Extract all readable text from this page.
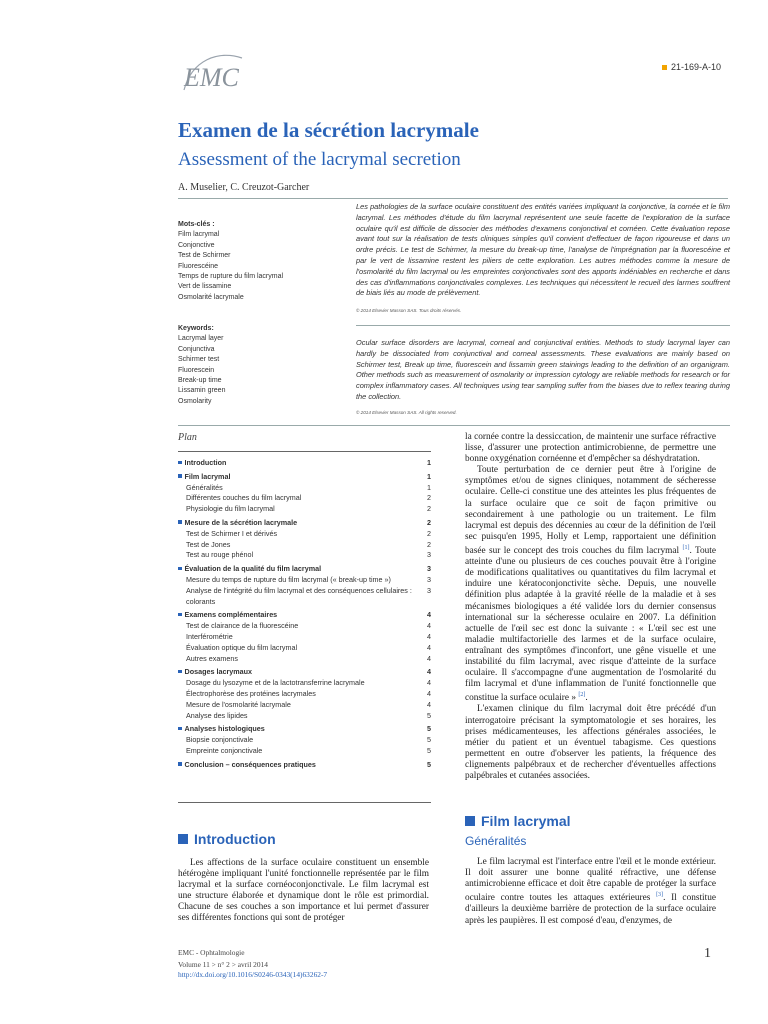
EMC	21-169-A-10
Examen de la sécrétion lacrymale
Assessment of the lacrymal secretion
A. Muselier, C. Creuzot-Garcher
Mots-clés :
Film lacrymal
Conjonctive
Test de Schirmer
Fluorescéine
Temps de rupture du film lacrymal
Vert de lissamine
Osmolarité lacrymale
Keywords:
Lacrymal layer
Conjunctiva
Schirmer test
Fluorescein
Break-up time
Lissamin green
Osmolarity
Les pathologies de la surface oculaire constituent des entités variées impliquant la conjonctive, la cornée et le film lacrymal. Les méthodes d'étude du film lacrymal représentent une seule facette de l'exploration de la surface oculaire qu'il est difficile de dissocier des méthodes d'examens conjonctival et cornéen. Cette évaluation repose avant tout sur la réalisation de tests cliniques simples qu'il convient d'effectuer de façon rigoureuse et dans un ordre précis. Le test de Schirmer, la mesure du break-up time, l'analyse de l'imprégnation par la fluorescéine et par le vert de lissamine restent les piliers de cette exploration. Les autres méthodes comme la mesure de l'osmolarité du film lacrymal ou les empreintes conjonctivales sont des apports indéniables en recherche et dans des cas d'inflammations conjonctivales complexes. Les techniques qui nécessitent le recueil des larmes souffrent de biais liés au mode de prélèvement.
© 2014 Elsevier Masson SAS. Tous droits réservés.
Ocular surface disorders are lacrymal, corneal and conjunctival entities. Methods to study lacrymal layer can hardly be dissociated from conjunctival and corneal assessments. These evaluations are mainly based on Schirmer test, Break up time, fluorescein and lissamin green stainings leading to the definition of an organigram. Other methods such as measurement of osmolarity or impression cytology are reliable methods for research or for complex inflammatory cases. All techniques using tear sampling suffer from the biases due to reflex tearing during the collection.
© 2014 Elsevier Masson SAS. All rights reserved.
Plan
Introduction	1
Film lacrymal	1
Généralités	1
Différentes couches du film lacrymal	2
Physiologie du film lacrymal	2
Mesure de la sécrétion lacrymale	2
Test de Schirmer I et dérivés	2
Test de Jones	2
Test au rouge phénol	3
Évaluation de la qualité du film lacrymal	3
Mesure du temps de rupture du film lacrymal (« break-up time »)	3
Analyse de l'intégrité du film lacrymal et des conséquences cellulaires : colorants
3
Examens complémentaires	4
Test de clairance de la fluorescéine	4
Interférométrie	4
Évaluation optique du film lacrymal	4
Autres examens	4
Dosages lacrymaux	4
Dosage du lysozyme et de la lactotransferrine lacrymale	4
Électrophorèse des protéines lacrymales	4
Mesure de l'osmolarité lacrymale	4
Analyse des lipides	5
Analyses histologiques	5
Biopsie conjonctivale	5
Empreinte conjonctivale	5
Conclusion – conséquences pratiques	5
Introduction

Les affections de la surface oculaire constituent un ensemble hétérogène impliquant l'unité fonctionnelle représentée par le film lacrymal et la surface cornéoconjonctivale. Le film lacrymal est une structure élaborée et dynamique dont le rôle est primordial. Chacune de ses couches a son importance et lui permet d'assurer ses différentes fonctions qui sont de protéger

la cornée contre la dessiccation, de maintenir une surface réfractive lisse, d'assurer une protection antimicrobienne, de permettre une bonne oxygénation cornéenne et d'empêcher sa déshydratation.

Toute perturbation de ce dernier peut être à l'origine de symptômes et/ou de signes cliniques, notamment de sécheresse oculaire. Celle-ci constitue une des atteintes les plus fréquentes de la surface oculaire que ce soit de façon primitive ou secondairement à une pathologie ou un traitement. Le film lacrymal est depuis des décennies au cœur de la définition de l'œil sec puisqu'en 1995, Holly et Lemp, rapportaient une définition basée sur le concept des trois couches du film lacrymal [1]. Toute atteinte d'une ou plusieurs de ces couches pouvait être à l'origine de modifications qualitatives ou quantitatives du film lacrymal et induire une kératoconjonctivite sèche. Depuis, une nouvelle définition plus adaptée à la gravité réelle de la maladie et à ses mécanismes biologiques a été validée lors du dernier consensus international sur la sécheresse oculaire en 2007. La définition actuelle de l'œil sec est donc la suivante : « L'œil sec est une maladie multifactorielle des larmes et de la surface oculaire, entraînant des symptômes d'inconfort, une gêne visuelle et une instabilité du film lacrymal, avec risque d'atteinte de la surface oculaire. Il s'accompagne d'une augmentation de l'osmolarité du film lacrymal et d'une inflammation de l'unité fonctionnelle que constitue la surface oculaire » [2].

L'examen clinique du film lacrymal doit être précédé d'un interrogatoire précisant la symptomatologie et ses horaires, les prises médicamenteuses, les affections générales associées, le métier du patient et un éventuel tabagisme. Ces questions permettent en outre d'observer les patients, la fréquence des clignements palpébraux et de rechercher d'éventuelles affections palpébrales et cutanées associées.

Film lacrymal
Généralités

Le film lacrymal est l'interface entre l'œil et le monde extérieur. Il doit assurer une bonne qualité réfractive, une défense antimicrobienne efficace et doit être capable de protéger la surface oculaire contre toutes les attaques extérieures [3]. Il constitue d'ailleurs la deuxième barrière de protection de la surface oculaire après les paupières. Il est composé d'eau, d'enzymes, de

EMC - Ophtalmologie
Volume 11 > n° 2 > avril 2014
http://dx.doi.org/10.1016/S0246-0343(14)63262-7
1
